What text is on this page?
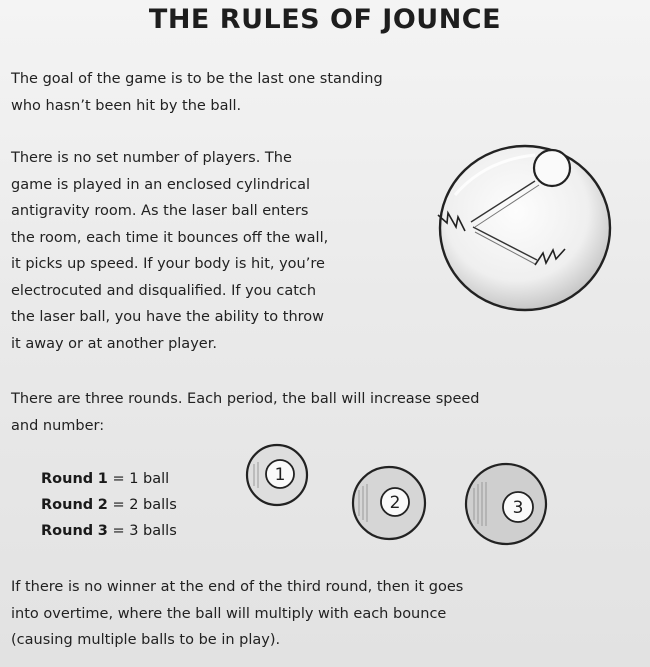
THE RULES OF JOUNCE

The goal of the game is to be the last one standing
who hasn’t been hit by the ball.

There is no set number of players. The
game is played in an enclosed cylindrical
antigravity room. As the laser ball enters
the room, each time it bounces off the wall,
it picks up speed. If your body is hit, you’re
electrocuted and disqualified. If you catch
the laser ball, you have the ability to throw
it away or at another player.

There are three rounds. Each period, the ball will increase speed
and number:

Round 1 = 1 ball
Round 2 = 2 balls
Round 3 = 3 balls
1
2	3

If there is no winner at the end of the third round, then it goes
into overtime, where the ball will multiply with each bounce
(causing multiple balls to be in play).
